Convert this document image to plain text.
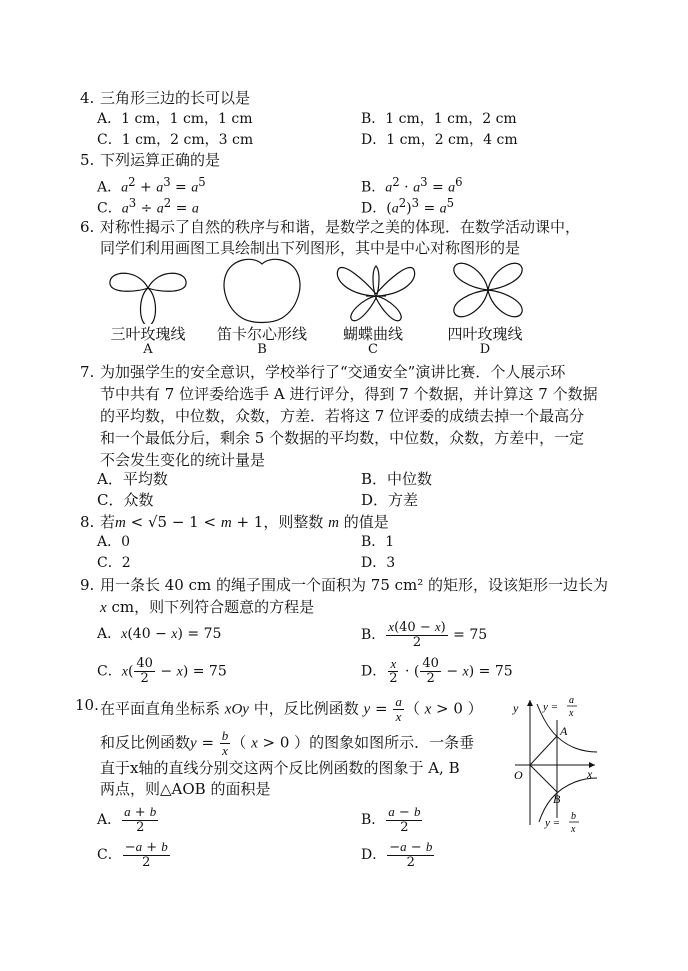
4. 三角形三边的长可以是
A．1 cm，1 cm，1 cm	B．1 cm，1 cm，2 cm
C．1 cm，2 cm，3 cm	D．1 cm，2 cm，4 cm
5. 下列运算正确的是
A．$a^2 + a^3 = a^5$	B．$a^2 \cdot a^3 = a^6$
C．$a^3 \div a^2 = a$	D．$(a^2)^3 = a^5$
6. 对称性揭示了自然的秩序与和谐，是数学之美的体现．在数学活动课中，
同学们利用画图工具绘制出下列图形，其中是中心对称图形的是
三叶玫瑰线	笛卡尔心形线	蝴蝶曲线	四叶玫瑰线
A	B	C	D
7. 为加强学生的安全意识，学校举行了“交通安全”演讲比赛．个人展示环
节中共有 7 位评委给选手 A 进行评分，得到 7 个数据，并计算这 7 个数据
的平均数，中位数，众数，方差．若将这 7 位评委的成绩去掉一个最高分
和一个最低分后，剩余 5 个数据的平均数，中位数，众数，方差中，一定
不会发生变化的统计量是
A．平均数	B．中位数
C．众数	D．方差
8. 若m < √5 − 1 < m + 1，则整数 m 的值是
A．0	B．1
C．2	D．3
9. 用一条长 40 cm 的绳子围成一个面积为 75 cm² 的矩形，设该矩形一边长为
x cm，则下列符合题意的方程是
A．x(40 − x) = 75	B． $\frac{x(40 - x)}{2} = 75$
C．$x( \frac{40}{2} - x) = 75$	D． $\frac{x}{2}$ · ( $\frac{40}{2} - x) = 75$
10. 在平面直角坐标系 xOy 中，反比例函数 $y = \frac{a}{x}$ （ x > 0 ）
和反比例函数$y = \frac{b}{x}$ （ x > 0 ）的图象如图所示．一条垂
直于x轴的直线分别交这两个反比例函数的图象于 A, B
两点，则△AOB 的面积是
A． $\frac{a + b}{2}$	B． $\frac{a - b}{2}$
C． $\frac{-a + b}{2}$	D． $\frac{-a - b}{2}$
y
x
O
A
B
y =
a
x
y =
b
x
